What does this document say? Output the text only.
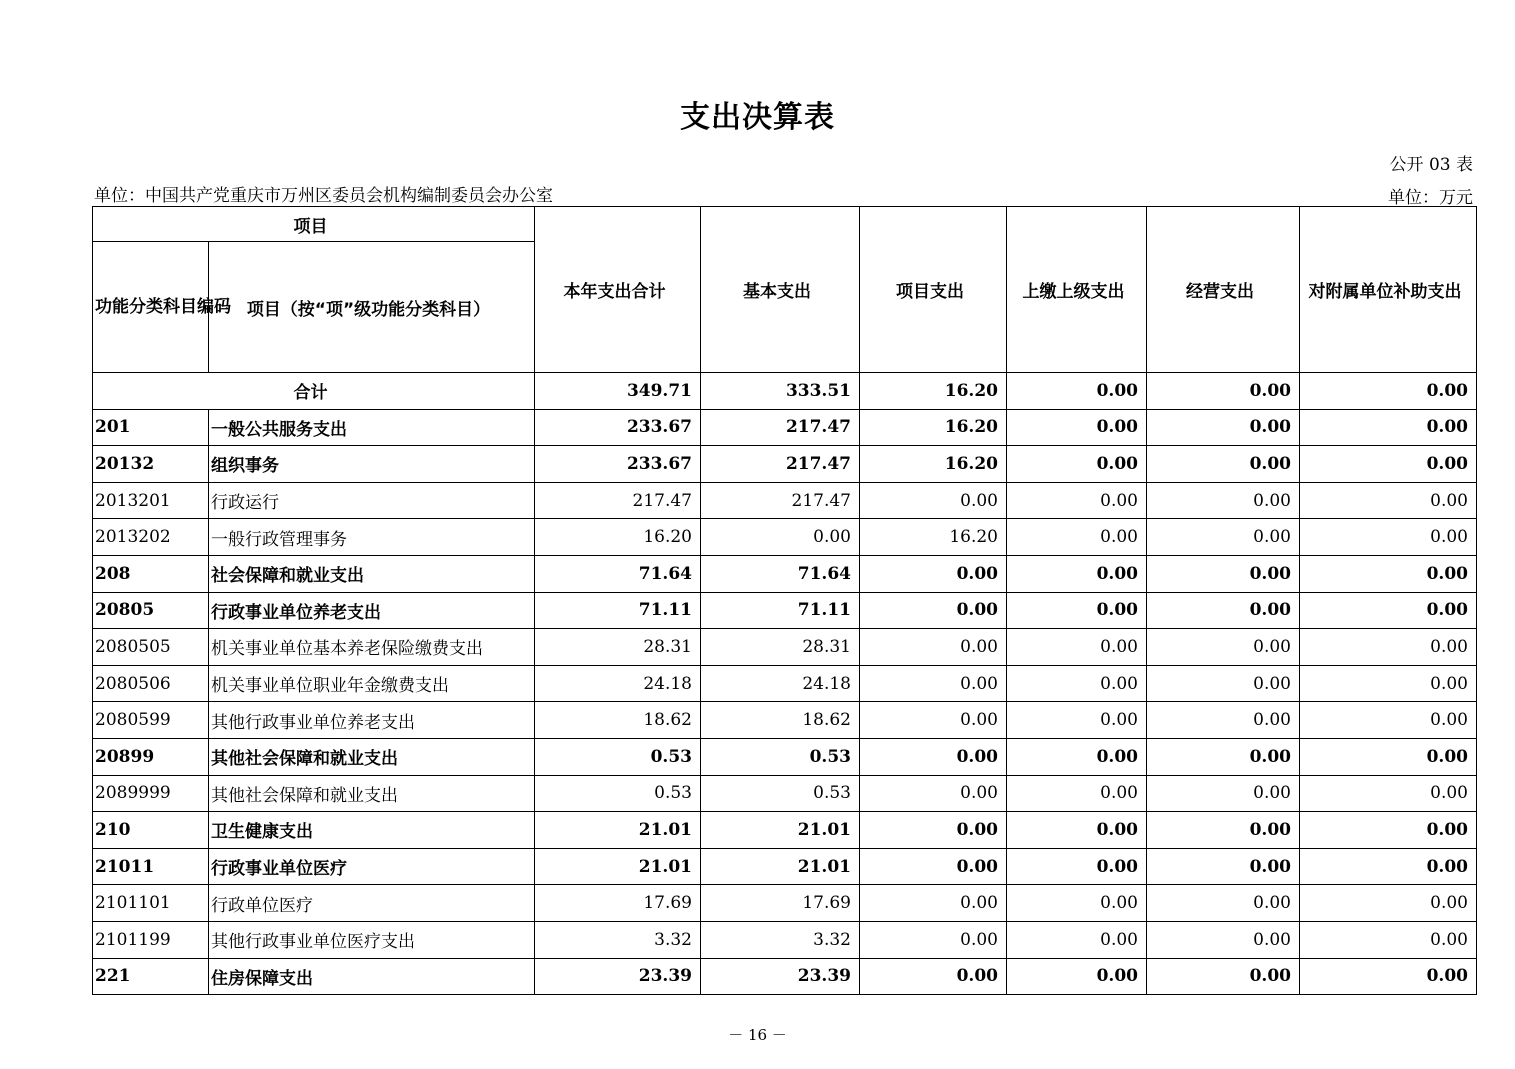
支出决算表
公开 03 表
单位：中国共产党重庆市万州区委员会机构编制委员会办公室	单位：万元
项目		本年支出合计	基本支出	项目支出	上缴上级支出	经营支出	对附属单位补助支出
功能分类科目编码	项目（按“项”级功能分类科目）						
合计		349.71	333.51	16.20	0.00	0.00	0.00
201	一般公共服务支出	233.67	217.47	16.20	0.00	0.00	0.00
20132	组织事务	233.67	217.47	16.20	0.00	0.00	0.00
2013201	行政运行	217.47	217.47	0.00	0.00	0.00	0.00
2013202	一般行政管理事务	16.20	0.00	16.20	0.00	0.00	0.00
208	社会保障和就业支出	71.64	71.64	0.00	0.00	0.00	0.00
20805	行政事业单位养老支出	71.11	71.11	0.00	0.00	0.00	0.00
2080505	机关事业单位基本养老保险缴费支出	28.31	28.31	0.00	0.00	0.00	0.00
2080506	机关事业单位职业年金缴费支出	24.18	24.18	0.00	0.00	0.00	0.00
2080599	其他行政事业单位养老支出	18.62	18.62	0.00	0.00	0.00	0.00
20899	其他社会保障和就业支出	0.53	0.53	0.00	0.00	0.00	0.00
2089999	其他社会保障和就业支出	0.53	0.53	0.00	0.00	0.00	0.00
210	卫生健康支出	21.01	21.01	0.00	0.00	0.00	0.00
21011	行政事业单位医疗	21.01	21.01	0.00	0.00	0.00	0.00
2101101	行政单位医疗	17.69	17.69	0.00	0.00	0.00	0.00
2101199	其他行政事业单位医疗支出	3.32	3.32	0.00	0.00	0.00	0.00
221	住房保障支出	23.39	23.39	0.00	0.00	0.00	0.00
－ 16 －
